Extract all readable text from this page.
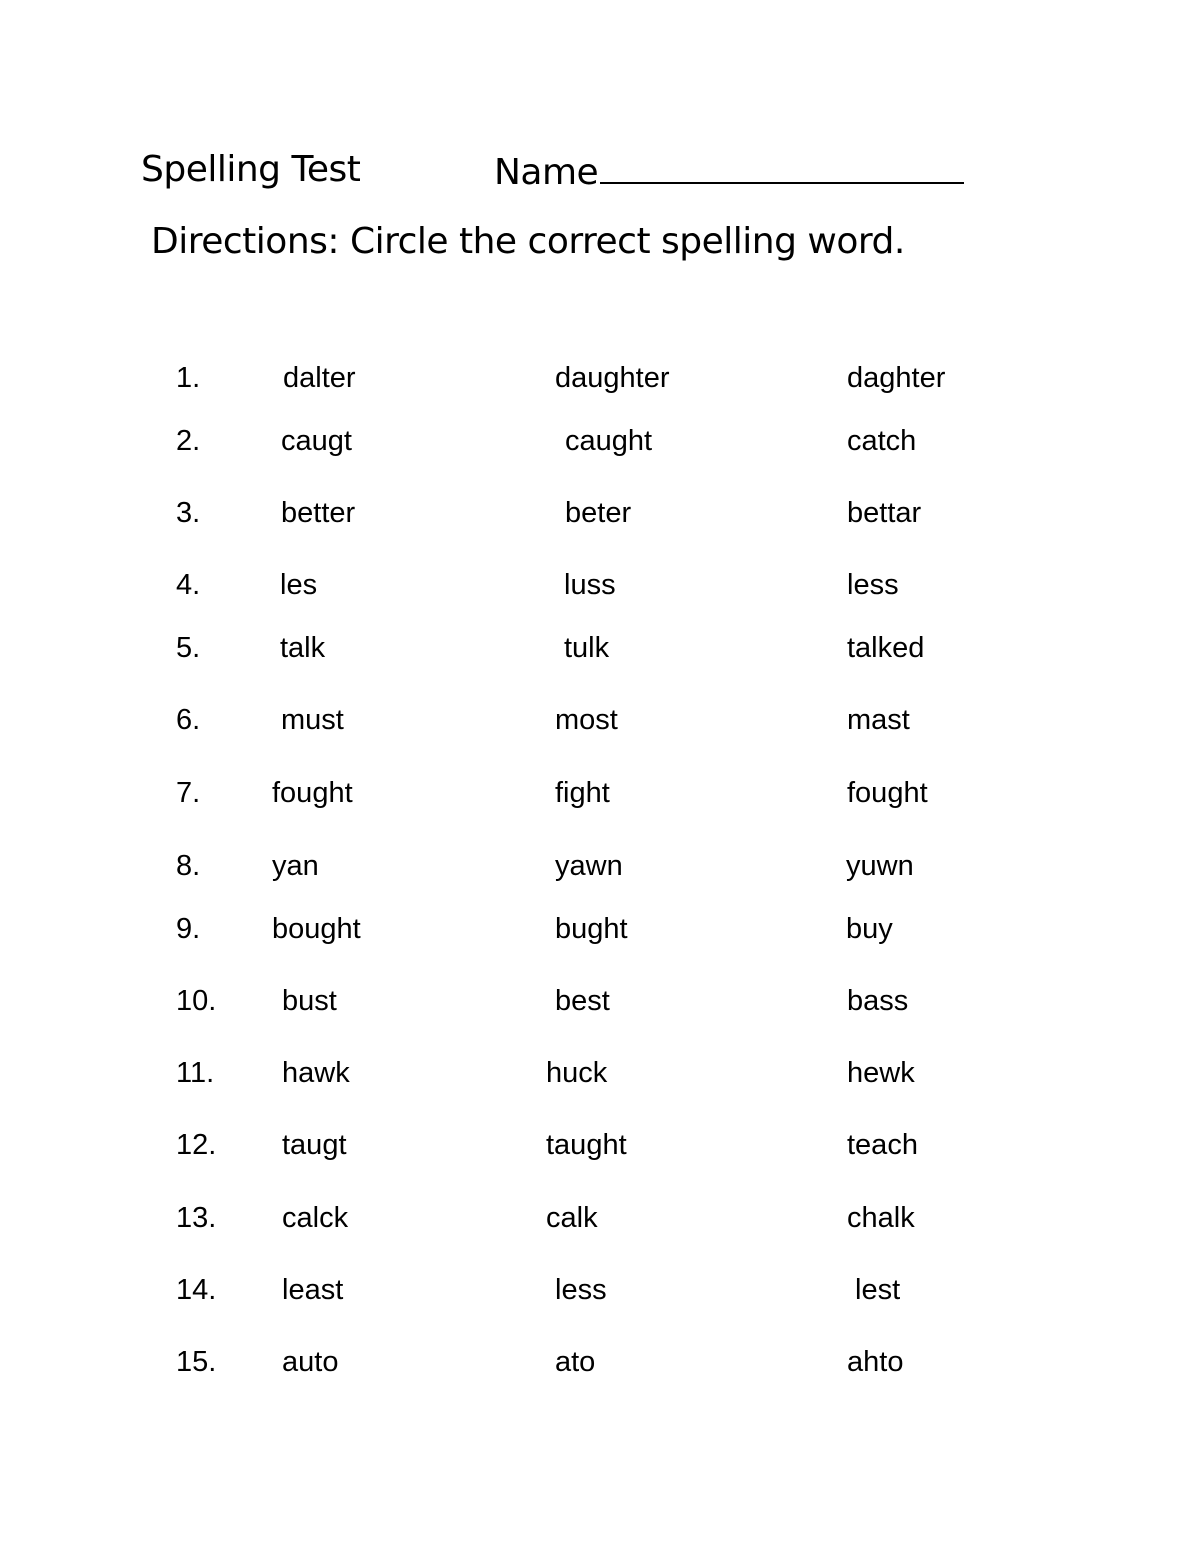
Spelling Test	Name
Directions: Circle the correct spelling word.
1.	dalter	daughter	daghter
2.	caugt	caught	catch
3.	better	beter	bettar
4.	les	luss	less
5.	talk	tulk	talked
6.	must	most	mast
7. fought	fight	fought
8. yan	yawn	yuwn
9. bought	bught	buy
10. bust	best	bass
11. hawk	huck	hewk
12. taugt	taught	teach
13. calck	calk	chalk
14. least	less	lest
15. auto	ato	ahto
